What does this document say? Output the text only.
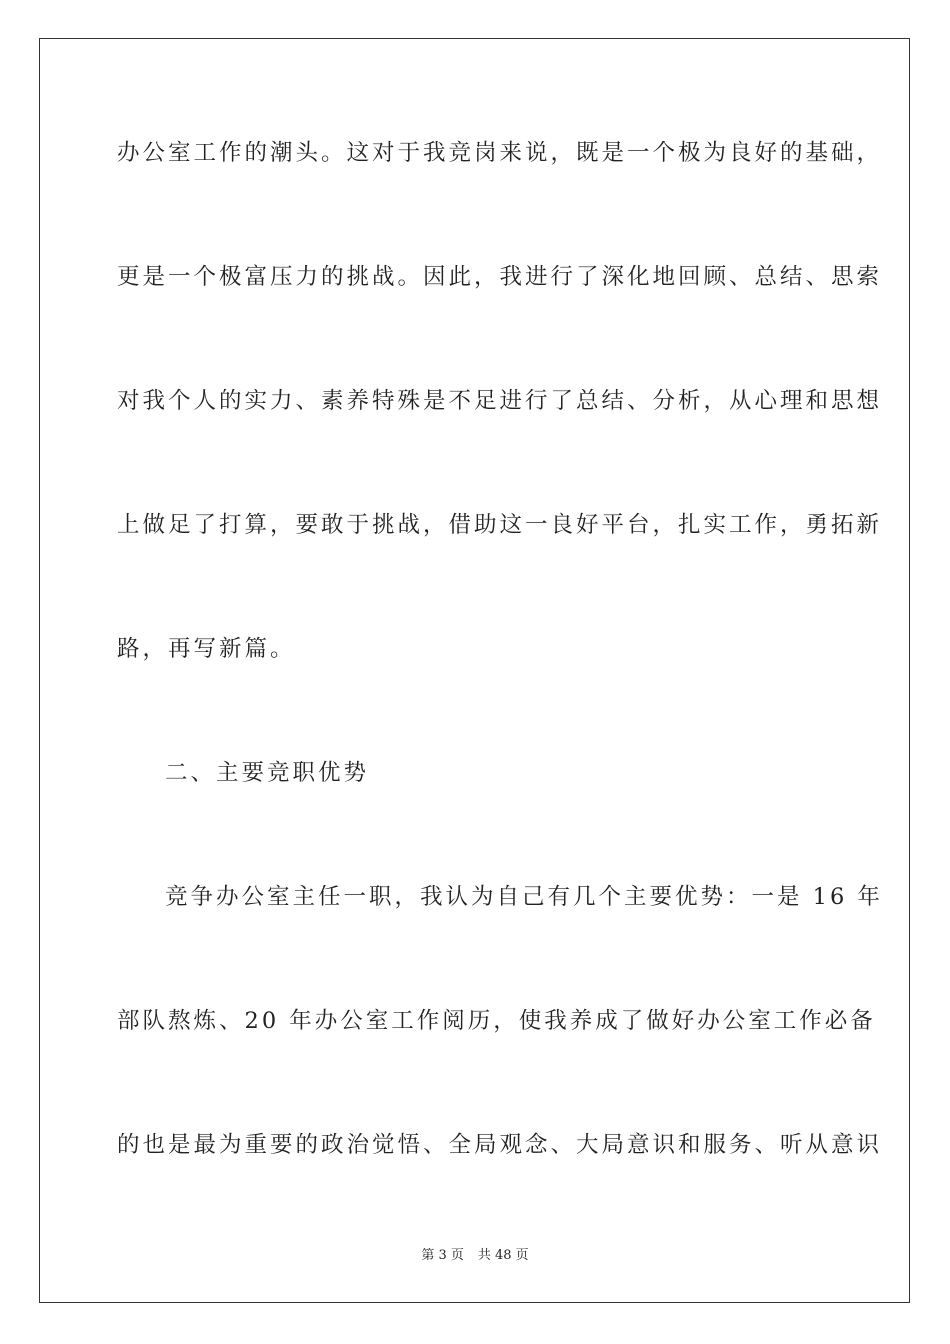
办公室工作的潮头。这对于我竞岗来说，既是一个极为良好的基础，
更是一个极富压力的挑战。因此，我进行了深化地回顾、总结、思索
对我个人的实力、素养特殊是不足进行了总结、分析，从心理和思想
上做足了打算，要敢于挑战，借助这一良好平台，扎实工作，勇拓新
路，再写新篇。
二、主要竞职优势
竞争办公室主任一职，我认为自己有几个主要优势：一是 16 年
部队熬炼、20 年办公室工作阅历，使我养成了做好办公室工作必备
的也是最为重要的政治觉悟、全局观念、大局意识和服务、听从意识
第 3 页 共 48 页
